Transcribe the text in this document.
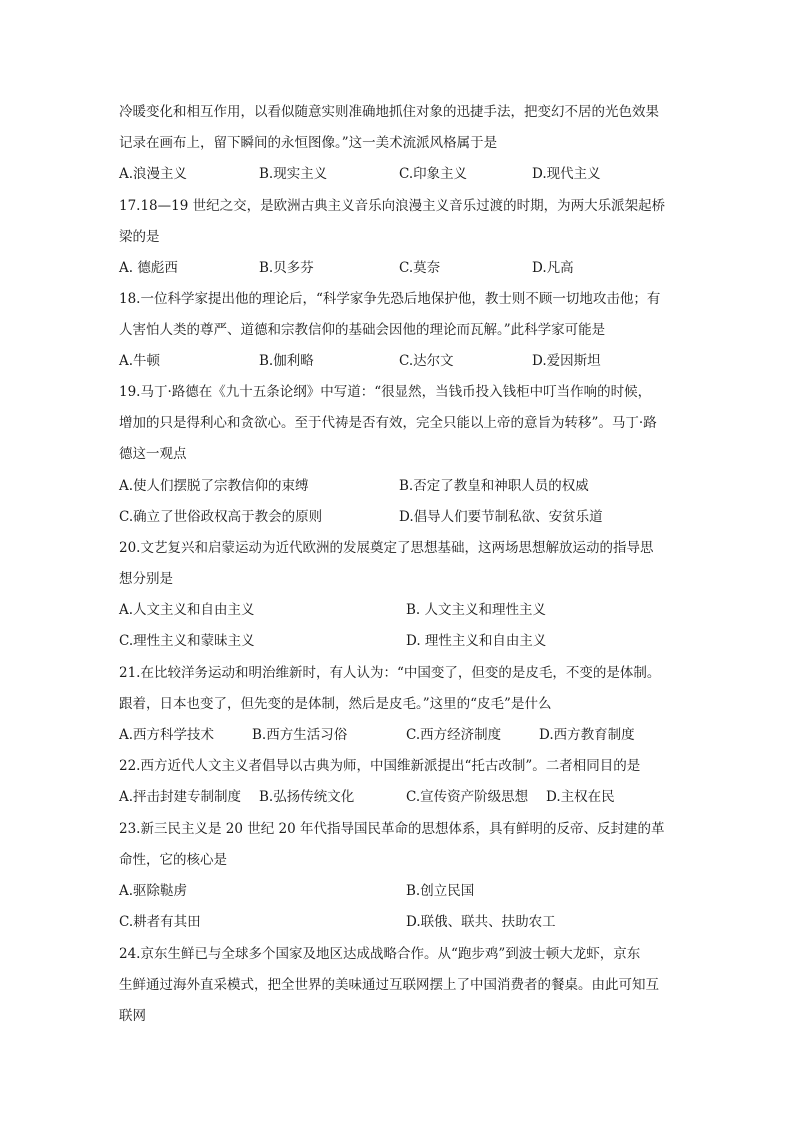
冷暖变化和相互作用，以看似随意实则准确地抓住对象的迅捷手法，把变幻不居的光色效果
记录在画布上，留下瞬间的永恒图像。”这一美术流派风格属于是
A.浪漫主义	B.现实主义	C.印象主义	D.现代主义
17.18—19 世纪之交，是欧洲古典主义音乐向浪漫主义音乐过渡的时期，为两大乐派架起桥
梁的是
A. 德彪西	B.贝多芬	C.莫奈	D.凡高
18.一位科学家提出他的理论后，“科学家争先恐后地保护他，教士则不顾一切地攻击他；有
人害怕人类的尊严、道德和宗教信仰的基础会因他的理论而瓦解。”此科学家可能是
A.牛顿	B.伽利略	C.达尔文	D.爱因斯坦
19.马丁·路德在《九十五条论纲》中写道：“很显然，当钱币投入钱柜中叮当作响的时候，
增加的只是得利心和贪欲心。至于代祷是否有效，完全只能以上帝的意旨为转移”。马丁·路
德这一观点
A.使人们摆脱了宗教信仰的束缚	B.否定了教皇和神职人员的权威
C.确立了世俗政权高于教会的原则	D.倡导人们要节制私欲、安贫乐道
20.文艺复兴和启蒙运动为近代欧洲的发展奠定了思想基础，这两场思想解放运动的指导思
想分别是
A.人文主义和自由主义	B. 人文主义和理性主义
C.理性主义和蒙昧主义	D. 理性主义和自由主义
21.在比较洋务运动和明治维新时，有人认为：“中国变了，但变的是皮毛，不变的是体制。
跟着，日本也变了，但先变的是体制，然后是皮毛。”这里的“皮毛”是什么
A.西方科学技术	B.西方生活习俗	C.西方经济制度	D.西方教育制度
22.西方近代人文主义者倡导以古典为师，中国维新派提出“托古改制”。二者相同目的是
A.抨击封建专制制度 B.弘扬传统文化	C.宣传资产阶级思想 D.主权在民
23.新三民主义是 20 世纪 20 年代指导国民革命的思想体系，具有鲜明的反帝、反封建的革
命性，它的核心是
A.驱除鞑虏	B.创立民国
C.耕者有其田	D.联俄、联共、扶助农工
24.京东生鲜已与全球多个国家及地区达成战略合作。从“跑步鸡”到波士顿大龙虾，京东
生鲜通过海外直采模式，把全世界的美味通过互联网摆上了中国消费者的餐桌。由此可知互
联网
